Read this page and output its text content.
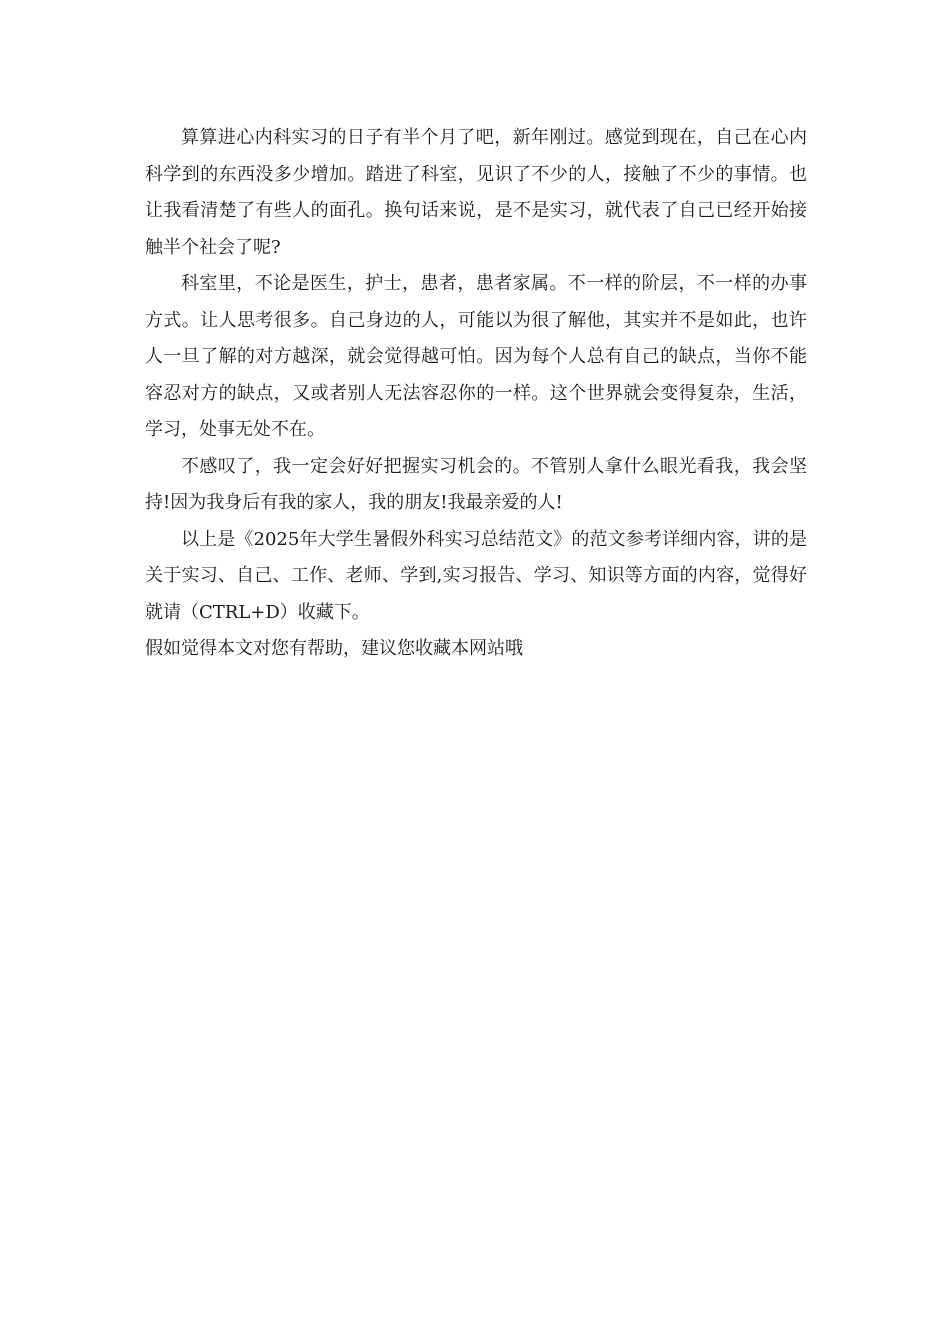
算算进心内科实习的日子有半个月了吧，新年刚过。感觉到现在，自己在心内科学到的东西没多少增加。踏进了科室，见识了不少的人，接触了不少的事情。也让我看清楚了有些人的面孔。换句话来说，是不是实习，就代表了自己已经开始接触半个社会了呢?

科室里，不论是医生，护士，患者，患者家属。不一样的阶层，不一样的办事方式。让人思考很多。自己身边的人，可能以为很了解他，其实并不是如此，也许人一旦了解的对方越深，就会觉得越可怕。因为每个人总有自己的缺点，当你不能容忍对方的缺点，又或者别人无法容忍你的一样。这个世界就会变得复杂，生活，学习，处事无处不在。

不感叹了，我一定会好好把握实习机会的。不管别人拿什么眼光看我，我会坚持!因为我身后有我的家人，我的朋友!我最亲爱的人!

以上是《2025年大学生暑假外科实习总结范文》的范文参考详细内容，讲的是关于实习、自己、工作、老师、学到,实习报告、学习、知识等方面的内容，觉得好就请（CTRL+D）收藏下。

假如觉得本文对您有帮助，建议您收藏本网站哦
